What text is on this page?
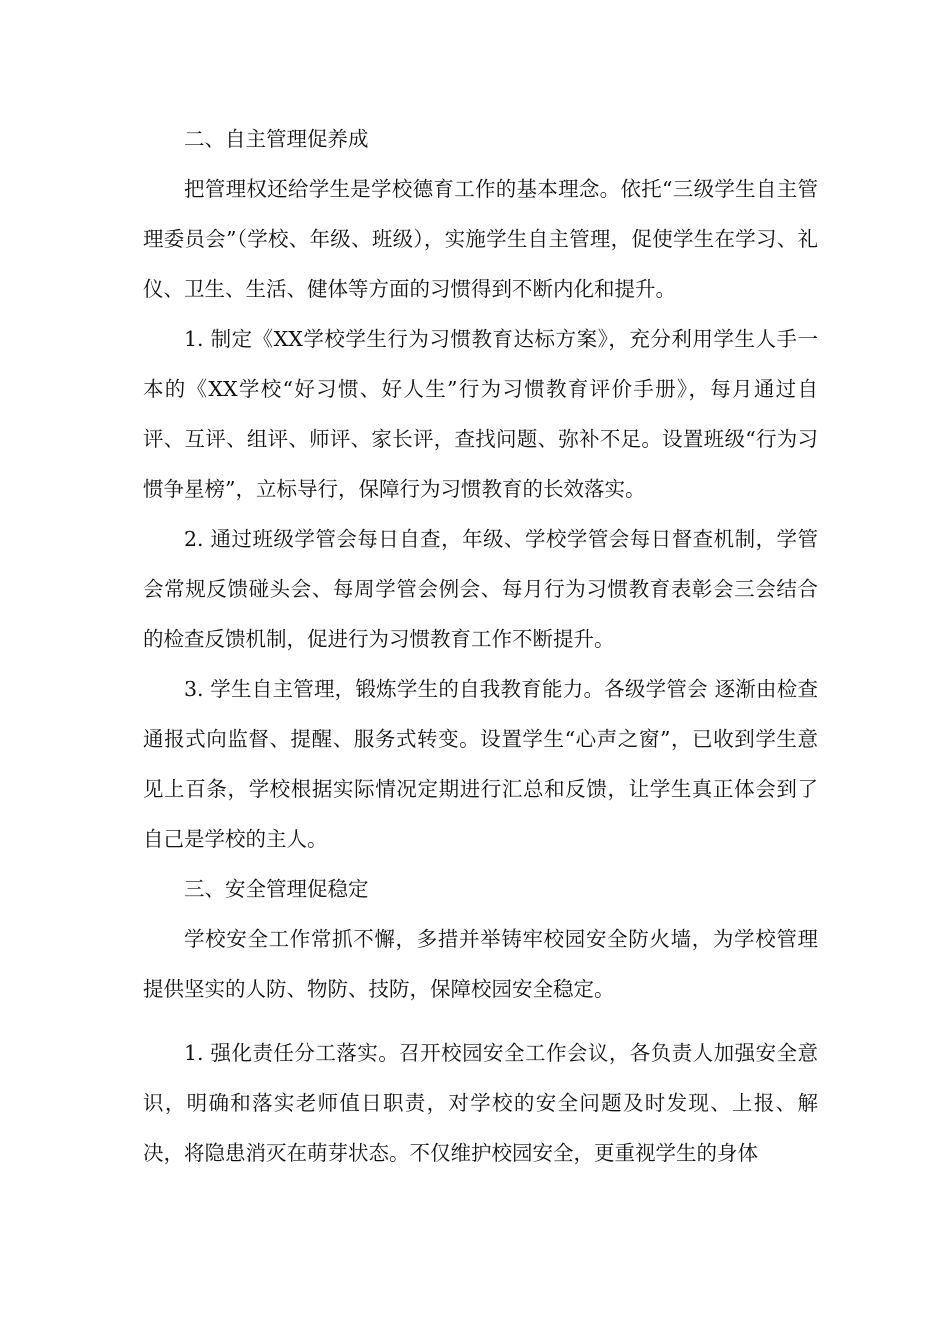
二、自主管理促养成

把管理权还给学生是学校德育工作的基本理念。依托“三级学生自主管理委员会”（学校、年级、班级），实施学生自主管理，促使学生在学习、礼仪、卫生、生活、健体等方面的习惯得到不断内化和提升。

1. 制定《XX学校学生行为习惯教育达标方案》，充分利用学生人手一本的《XX学校“好习惯、好人生”行为习惯教育评价手册》，每月通过自评、互评、组评、师评、家长评，查找问题、弥补不足。设置班级“行为习惯争星榜”，立标导行，保障行为习惯教育的长效落实。

2. 通过班级学管会每日自查，年级、学校学管会每日督查机制，学管会常规反馈碰头会、每周学管会例会、每月行为习惯教育表彰会三会结合的检查反馈机制，促进行为习惯教育工作不断提升。

3. 学生自主管理，锻炼学生的自我教育能力。各级学管会 逐渐由检查通报式向监督、提醒、服务式转变。设置学生“心声之窗”，已收到学生意见上百条，学校根据实际情况定期进行汇总和反馈，让学生真正体会到了自己是学校的主人。

三、安全管理促稳定

学校安全工作常抓不懈，多措并举铸牢校园安全防火墙，为学校管理提供坚实的人防、物防、技防，保障校园安全稳定。

1. 强化责任分工落实。召开校园安全工作会议，各负责人加强安全意识，明确和落实老师值日职责，对学校的安全问题及时发现、上报、解决，将隐患消灭在萌芽状态。不仅维护校园安全，更重视学生的身体
